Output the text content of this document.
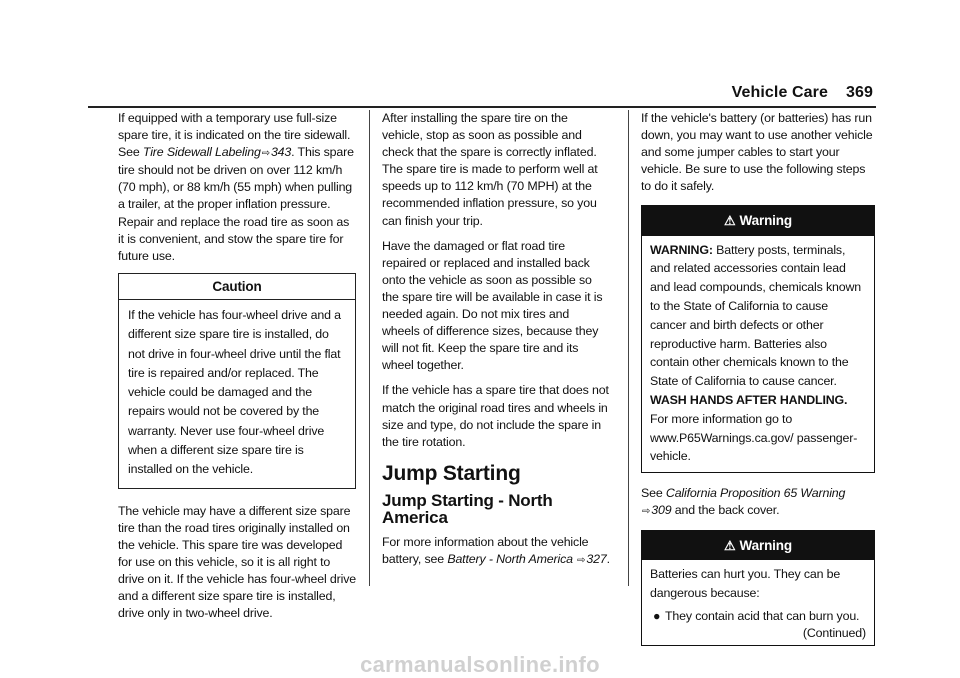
Vehicle Care 369

If equipped with a temporary use full-size spare tire, it is indicated on the tire sidewall. See Tire Sidewall Labeling⇨343. This spare tire should not be driven on over 112 km/h (70 mph), or 88 km/h (55 mph) when pulling a trailer, at the proper inflation pressure. Repair and replace the road tire as soon as it is convenient, and stow the spare tire for future use.

Caution
If the vehicle has four-wheel drive and a different size spare tire is installed, do not drive in four-wheel drive until the flat tire is repaired and/or replaced. The vehicle could be damaged and the repairs would not be covered by the warranty. Never use four-wheel drive when a different size spare tire is installed on the vehicle.

The vehicle may have a different size spare tire than the road tires originally installed on the vehicle. This spare tire was developed for use on this vehicle, so it is all right to drive on it. If the vehicle has four-wheel drive and a different size spare tire is installed, drive only in two-wheel drive.

After installing the spare tire on the vehicle, stop as soon as possible and check that the spare is correctly inflated. The spare tire is made to perform well at speeds up to 112 km/h (70 MPH) at the recommended inflation pressure, so you can finish your trip.

Have the damaged or flat road tire repaired or replaced and installed back onto the vehicle as soon as possible so the spare tire will be available in case it is needed again. Do not mix tires and wheels of difference sizes, because they will not fit. Keep the spare tire and its wheel together.

If the vehicle has a spare tire that does not match the original road tires and wheels in size and type, do not include the spare in the tire rotation.

Jump Starting
Jump Starting - North America

For more information about the vehicle battery, see Battery - North America ⇨327.

If the vehicle's battery (or batteries) has run down, you may want to use another vehicle and some jumper cables to start your vehicle. Be sure to use the following steps to do it safely.

⚠ Warning
WARNING: Battery posts, terminals, and related accessories contain lead and lead compounds, chemicals known to the State of California to cause cancer and birth defects or other reproductive harm. Batteries also contain other chemicals known to the State of California to cause cancer. WASH HANDS AFTER HANDLING. For more information go to www.P65Warnings.ca.gov/ passenger-vehicle.

See California Proposition 65 Warning ⇨309 and the back cover.

⚠ Warning
Batteries can hurt you. They can be dangerous because:
● They contain acid that can burn you.
(Continued)
carmanualsonline.info
